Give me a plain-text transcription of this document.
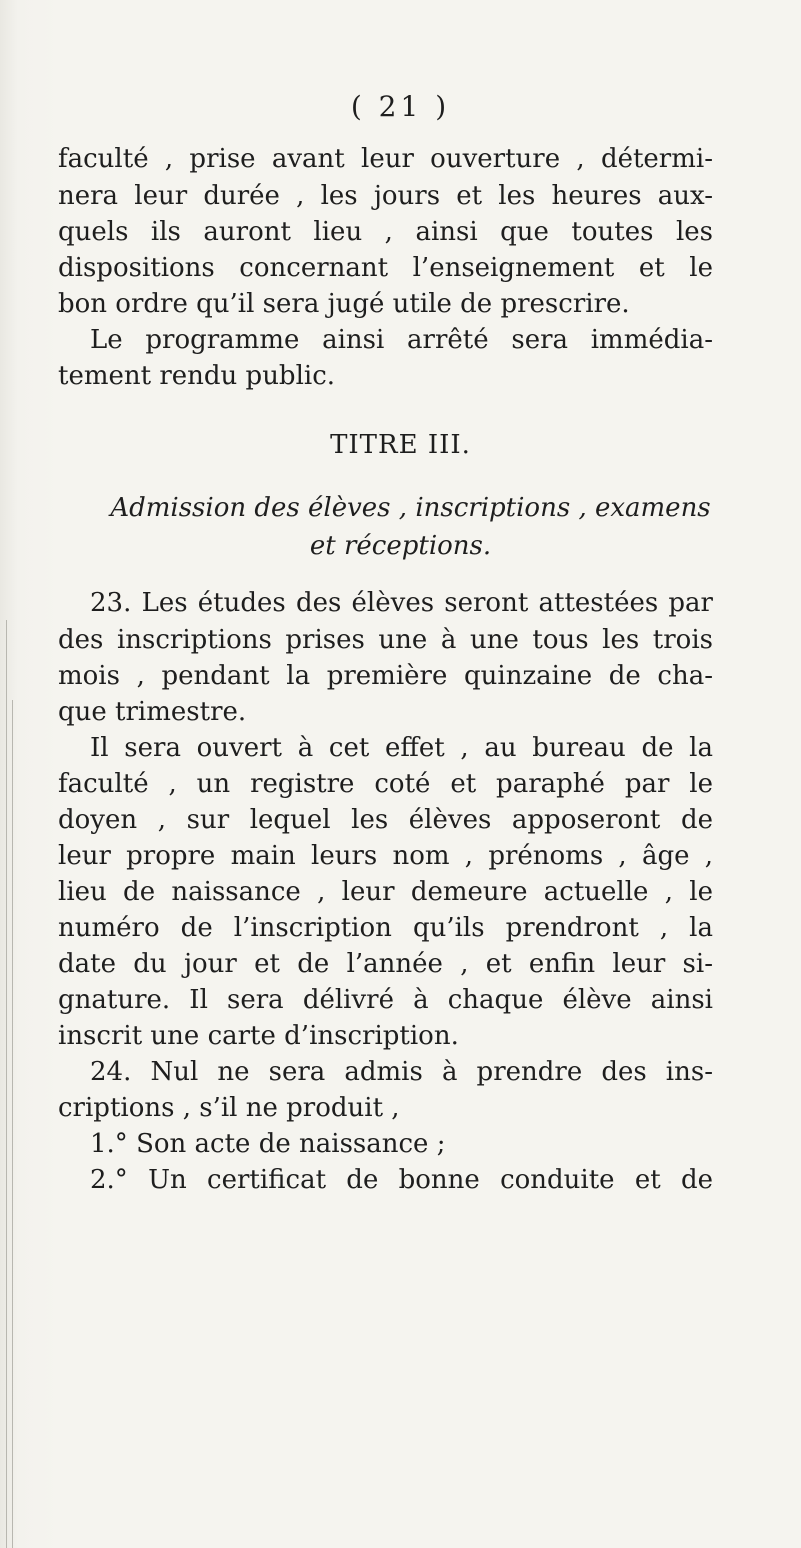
( 21 )
faculté , prise avant leur ouverture , détermi-
nera leur durée , les jours et les heures aux-
quels ils auront lieu , ainsi que toutes les
dispositions concernant l’enseignement et le
bon ordre qu’il sera jugé utile de prescrire.
Le programme ainsi arrêté sera immédia-
tement rendu public.
TITRE III.
Admission des élèves , inscriptions , examens
et réceptions.
23. Les études des élèves seront attestées par
des inscriptions prises une à une tous les trois
mois , pendant la première quinzaine de cha-
que trimestre.
Il sera ouvert à cet effet , au bureau de la
faculté , un registre coté et paraphé par le
doyen , sur lequel les élèves apposeront de
leur propre main leurs nom , prénoms , âge ,
lieu de naissance , leur demeure actuelle , le
numéro de l’inscription qu’ils prendront , la
date du jour et de l’année , et enfin leur si-
gnature. Il sera délivré à chaque élève ainsi
inscrit une carte d’inscription.
24. Nul ne sera admis à prendre des ins-
criptions , s’il ne produit ,
1.° Son acte de naissance ;
2.° Un certificat de bonne conduite et de
